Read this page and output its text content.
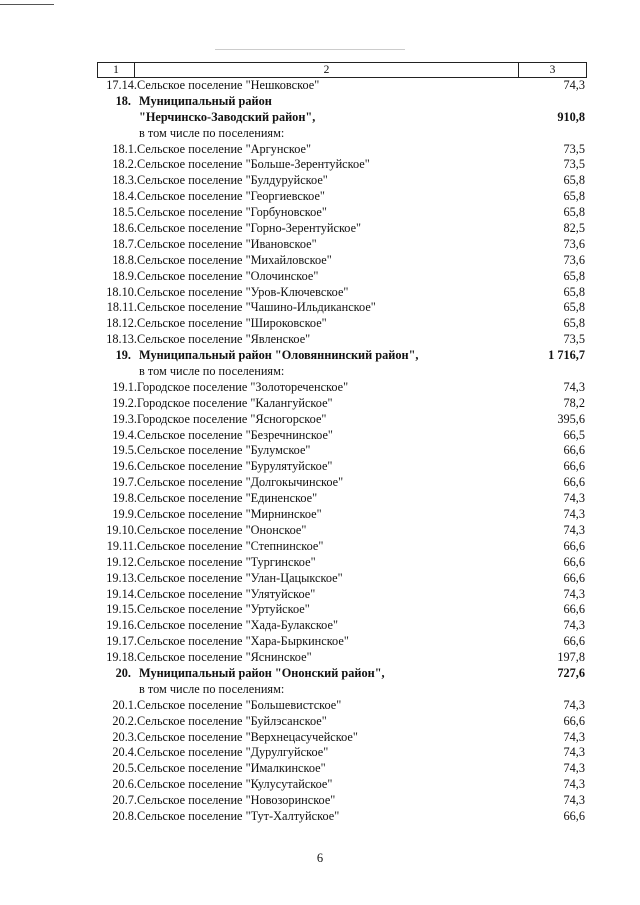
1	2	3
17.14. Сельское поселение "Нешковское"	74,3
18. Муниципальный район
"Нерчинско-Заводский район",	910,8
в том числе по поселениям:
18.1. Сельское поселение "Аргунское"	73,5
18.2. Сельское поселение "Больше-Зерентуйское"	73,5
18.3. Сельское поселение "Булдуруйское"	65,8
18.4. Сельское поселение "Георгиевское"	65,8
18.5. Сельское поселение "Горбуновское"	65,8
18.6. Сельское поселение "Горно-Зерентуйское"	82,5
18.7. Сельское поселение "Ивановское"	73,6
18.8. Сельское поселение "Михайловское"	73,6
18.9. Сельское поселение "Олочинское"	65,8
18.10. Сельское поселение "Уров-Ключевское"	65,8
18.11. Сельское поселение "Чашино-Ильдиканское"	65,8
18.12. Сельское поселение "Широковское"	65,8
18.13. Сельское поселение "Явленское"	73,5
19. Муниципальный район "Оловяннинский район",	1 716,7
в том числе по поселениям:
19.1. Городское поселение "Золотореченское"	74,3
19.2. Городское поселение "Калангуйское"	78,2
19.3. Городское поселение "Ясногорское"	395,6
19.4. Сельское поселение "Безречнинское"	66,5
19.5. Сельское поселение "Булумское"	66,6
19.6. Сельское поселение "Бурулятуйское"	66,6
19.7. Сельское поселение "Долгокычинское"	66,6
19.8. Сельское поселение "Единенское"	74,3
19.9. Сельское поселение "Мирнинское"	74,3
19.10. Сельское поселение "Ононское"	74,3
19.11. Сельское поселение "Степнинское"	66,6
19.12. Сельское поселение "Тургинское"	66,6
19.13. Сельское поселение "Улан-Цацыкское"	66,6
19.14. Сельское поселение "Улятуйское"	74,3
19.15. Сельское поселение "Уртуйское"	66,6
19.16. Сельское поселение "Хада-Булакское"	74,3
19.17. Сельское поселение "Хара-Быркинское"	66,6
19.18. Сельское поселение "Яснинское"	197,8
20. Муниципальный район "Ононский район",	727,6
в том числе по поселениям:
20.1. Сельское поселение "Большевистское"	74,3
20.2. Сельское поселение "Буйлэсанское"	66,6
20.3. Сельское поселение "Верхнецасучейское"	74,3
20.4. Сельское поселение "Дурулгуйское"	74,3
20.5. Сельское поселение "Ималкинское"	74,3
20.6. Сельское поселение "Кулусутайское"	74,3
20.7. Сельское поселение "Новозоринское"	74,3
20.8. Сельское поселение "Тут-Халтуйское"	66,6
6
